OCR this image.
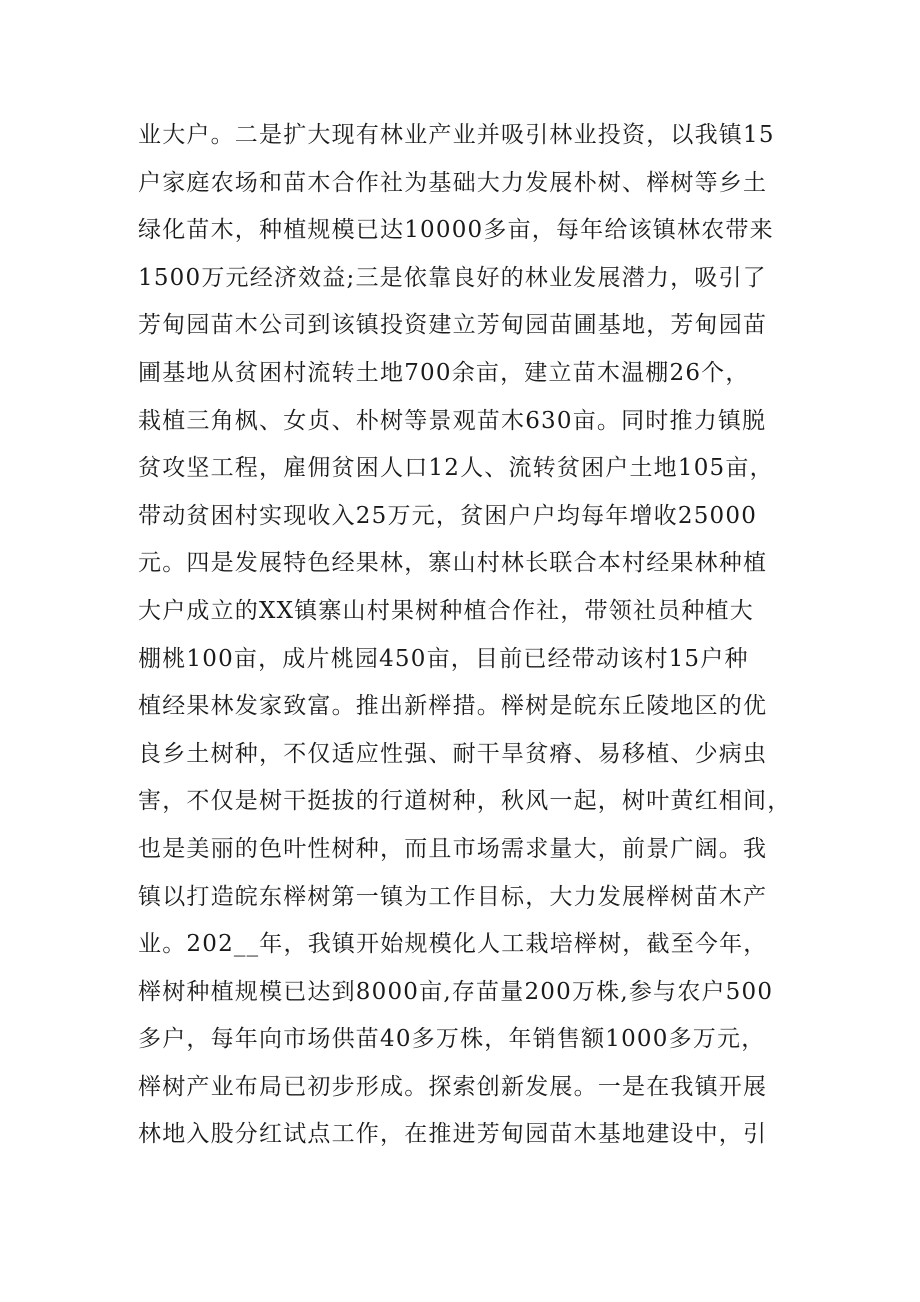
业大户。二是扩大现有林业产业并吸引林业投资，以我镇15
户家庭农场和苗木合作社为基础大力发展朴树、榉树等乡土
绿化苗木，种植规模已达10000多亩，每年给该镇林农带来
1500万元经济效益;三是依靠良好的林业发展潜力，吸引了
芳甸园苗木公司到该镇投资建立芳甸园苗圃基地，芳甸园苗
圃基地从贫困村流转土地700余亩，建立苗木温棚26个，
栽植三角枫、女贞、朴树等景观苗木630亩。同时推力镇脱
贫攻坚工程，雇佣贫困人口12人、流转贫困户土地105亩，
带动贫困村实现收入25万元，贫困户户均每年增收25000
元。四是发展特色经果林，寨山村林长联合本村经果林种植
大户成立的XX镇寨山村果树种植合作社，带领社员种植大
棚桃100亩，成片桃园450亩，目前已经带动该村15户种
植经果林发家致富。推出新榉措。榉树是皖东丘陵地区的优
良乡土树种，不仅适应性强、耐干旱贫瘠、易移植、少病虫
害，不仅是树干挺拔的行道树种，秋风一起，树叶黄红相间，
也是美丽的色叶性树种，而且市场需求量大，前景广阔。我
镇以打造皖东榉树第一镇为工作目标，大力发展榉树苗木产
业。202__年，我镇开始规模化人工栽培榉树，截至今年，
榉树种植规模已达到8000亩,存苗量200万株,参与农户500
多户，每年向市场供苗40多万株，年销售额1000多万元，
榉树产业布局已初步形成。探索创新发展。一是在我镇开展
林地入股分红试点工作，在推进芳甸园苗木基地建设中，引
